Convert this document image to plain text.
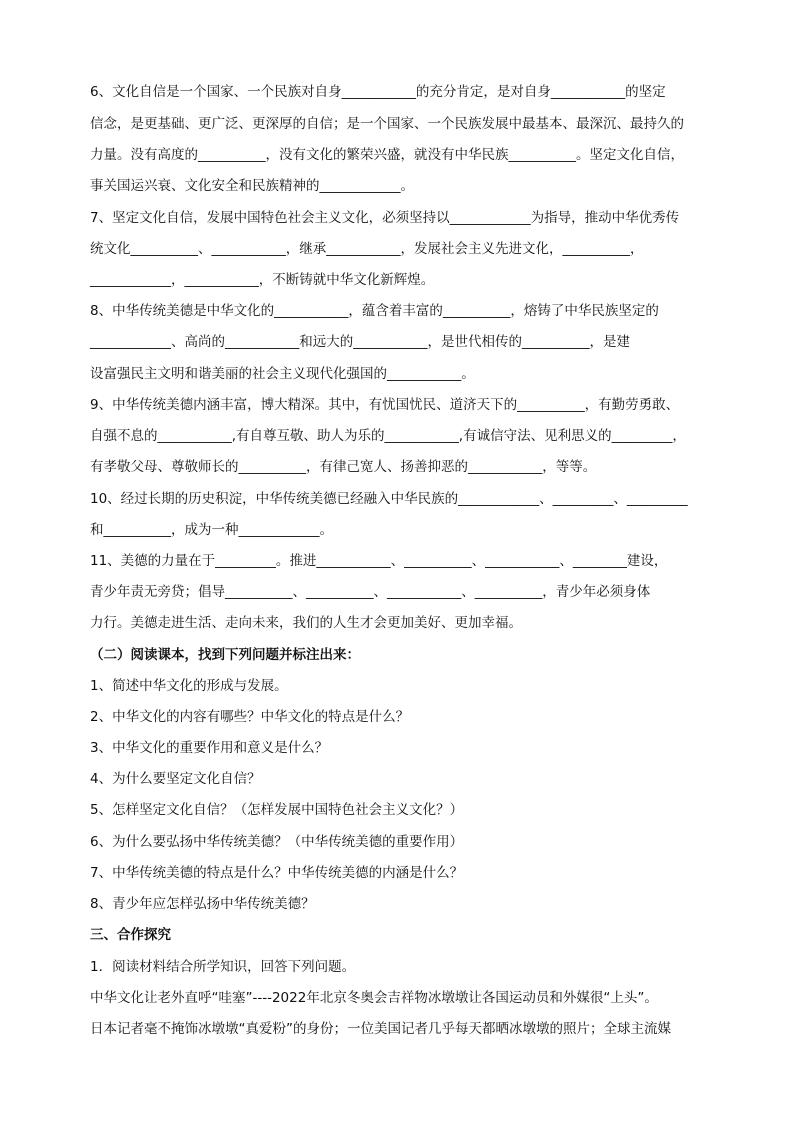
6、文化自信是一个国家、一个民族对自身___________的充分肯定，是对自身___________的坚定
信念，是更基础、更广泛、更深厚的自信；是一个国家、一个民族发展中最基本、最深沉、最持久的
力量。没有高度的__________，没有文化的繁荣兴盛，就没有中华民族__________。坚定文化自信，
事关国运兴衰、文化安全和民族精神的____________。
7、坚定文化自信，发展中国特色社会主义文化，必须坚持以____________为指导，推动中华优秀传
统文化__________、___________，继承___________，发展社会主义先进文化，__________，
____________，___________，不断铸就中华文化新辉煌。
8、中华传统美德是中华文化的___________，蕴含着丰富的__________，熔铸了中华民族坚定的
____________、高尚的___________和远大的___________，是世代相传的__________，是建
设富强民主文明和谐美丽的社会主义现代化强国的___________。
9、中华传统美德内涵丰富，博大精深。其中，有忧国忧民、道济天下的__________，有勤劳勇敢、
自强不息的___________,有自尊互敬、助人为乐的___________,有诚信守法、见利思义的_________，
有孝敬父母、尊敬师长的__________，有律己宽人、扬善抑恶的___________，等等。
10、经过长期的历史积淀，中华传统美德已经融入中华民族的____________、_________、_________
和__________，成为一种____________。
11、美德的力量在于_________。推进___________、__________、___________、________建设，
青少年责无旁贷；倡导__________、__________、___________、__________，青少年必须身体
力行。美德走进生活、走向未来，我们的人生才会更加美好、更加幸福。
（二）阅读课本，找到下列问题并标注出来：
1、简述中华文化的形成与发展。
2、中华文化的内容有哪些？中华文化的特点是什么？
3、中华文化的重要作用和意义是什么？
4、为什么要坚定文化自信？
5、怎样坚定文化自信？（怎样发展中国特色社会主义文化？）
6、为什么要弘扬中华传统美德？（中华传统美德的重要作用）
7、中华传统美德的特点是什么？中华传统美德的内涵是什么？
8、青少年应怎样弘扬中华传统美德？
三、合作探究
1．阅读材料结合所学知识，回答下列问题。
中华文化让老外直呼“哇塞”----2022年北京冬奥会吉祥物冰墩墩让各国运动员和外媒很“上头”。
日本记者毫不掩饰冰墩墩“真爱粉”的身份；一位美国记者几乎每天都晒冰墩墩的照片；全球主流媒
